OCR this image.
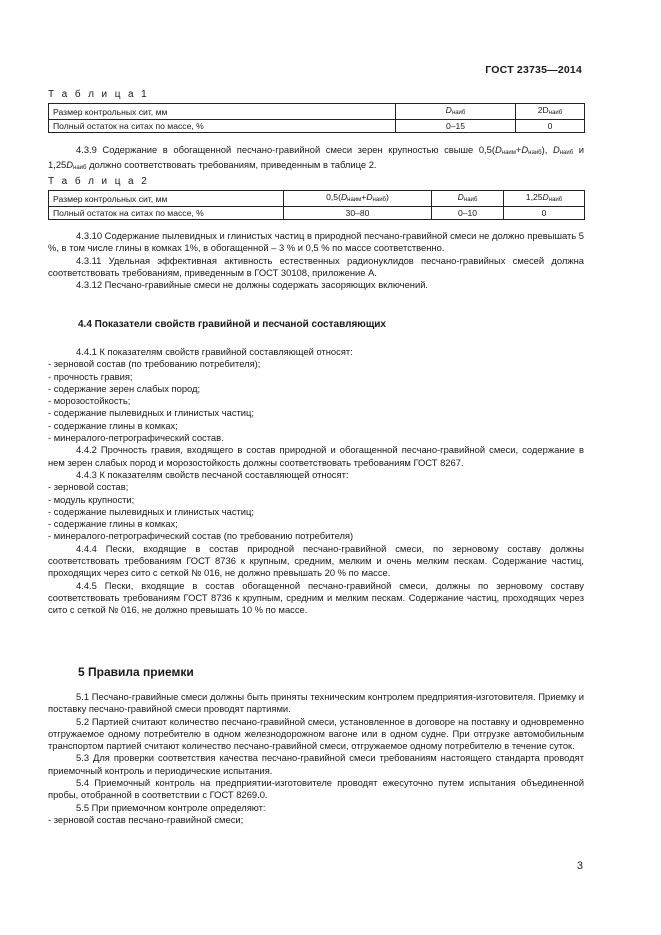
ГОСТ 23735—2014
Т а б л и ц а 1
Размер контрольных сит, мм	$D_{наиб}$	$2D_{наиб}$
Полный остаток на ситах по массе, %	0–15	0

4.3.9 Содержание в обогащенной песчано-гравийной смеси зерен крупностью свыше $0,5(D_{наим}+D_{наиб})$, $D_{наиб}$ и $1,25D_{наиб}$ должно соответствовать требованиям, приведенным в таблице 2.

Т а б л и ц а 2
Размер контрольных сит, мм	$0,5(D_{наим}+D_{наиб})$	$D_{наиб}$	$1,25D_{наиб}$
Полный остаток на ситах по массе, %	30–80	0–10	0

4.3.10 Содержание пылевидных и глинистых частиц в природной песчано-гравийной смеси не должно превышать 5 %, в том числе глины в комках 1%, в обогащенной – 3 % и 0,5 % по массе соответственно.

4.3.11 Удельная эффективная активность естественных радионуклидов песчано-гравийных смесей должна соответствовать требованиям, приведенным в ГОСТ 30108, приложение А.

4.3.12 Песчано-гравийные смеси не должны содержать засоряющих включений.

4.4 Показатели свойств гравийной и песчаной составляющих

4.4.1 К показателям свойств гравийной составляющей относят:

- зерновой состав (по требованию потребителя);

- прочность гравия;

- содержание зерен слабых пород;

- морозостойкость;

- содержание пылевидных и глинистых частиц;

- содержание глины в комках;

- минералого-петрографический состав.

4.4.2 Прочность гравия, входящего в состав природной и обогащенной песчано-гравийной смеси, содержание в нем зерен слабых пород и морозостойкость должны соответствовать требованиям ГОСТ 8267.

4.4.3 К показателям свойств песчаной составляющей относят:

- зерновой состав;

- модуль крупности;

- содержание пылевидных и глинистых частиц;

- содержание глины в комках;

- минералого-петрографический состав (по требованию потребителя)

4.4.4 Пески, входящие в состав природной песчано-гравийной смеси, по зерновому составу должны соответствовать требованиям ГОСТ 8736 к крупным, средним, мелким и очень мелким пескам. Содержание частиц, проходящих через сито с сеткой № 016, не должно превышать 20 % по массе.

4.4.5 Пески, входящие в состав обогащенной песчано-гравийной смеси, должны по зерновому составу соответствовать требованиям ГОСТ 8736 к крупным, средним и мелким пескам. Содержание частиц, проходящих через сито с сеткой № 016, не должно превышать 10 % по массе.

5 Правила приемки

5.1 Песчано-гравийные смеси должны быть приняты техническим контролем предприятия-изготовителя. Приемку и поставку песчано-гравийной смеси проводят партиями.

5.2 Партией считают количество песчано-гравийной смеси, установленное в договоре на поставку и одновременно отгружаемое одному потребителю в одном железнодорожном вагоне или в одном судне. При отгрузке автомобильным транспортом партией считают количество песчано-гравийной смеси, отгружаемое одному потребителю в течение суток.

5.3 Для проверки соответствия качества песчано-гравийной смеси требованиям настоящего стандарта проводят приемочный контроль и периодические испытания.

5.4 Приемочный контроль на предприятии-изготовителе проводят ежесуточно путем испытания объединенной пробы, отобранной в соответствии с ГОСТ 8269.0.

5.5 При приемочном контроле определяют:

- зерновой состав песчано-гравийной смеси;

3
